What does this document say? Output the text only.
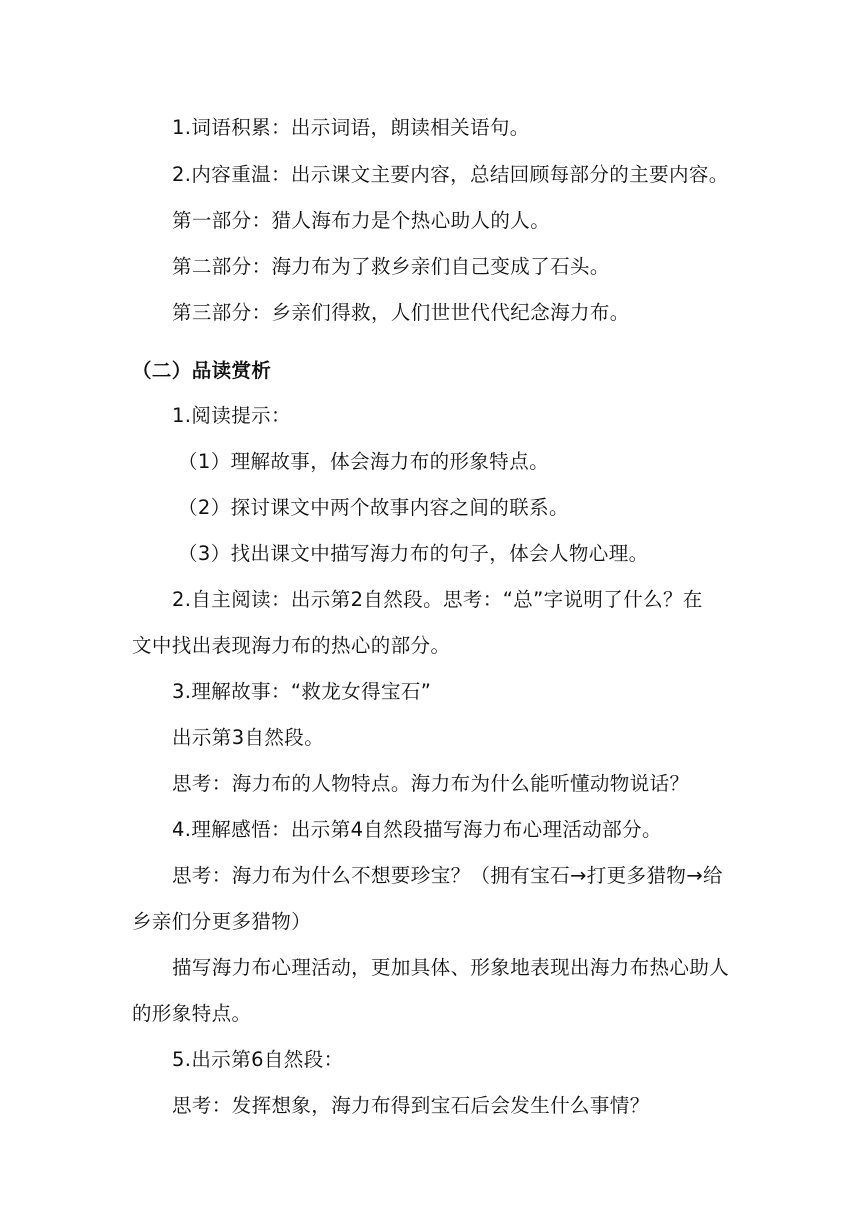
1.词语积累：出示词语，朗读相关语句。
2.内容重温：出示课文主要内容，总结回顾每部分的主要内容。
第一部分：猎人海布力是个热心助人的人。
第二部分：海力布为了救乡亲们自己变成了石头。
第三部分：乡亲们得救，人们世世代代纪念海力布。
（二）品读赏析
1.阅读提示：
（1）理解故事，体会海力布的形象特点。
（2）探讨课文中两个故事内容之间的联系。
（3）找出课文中描写海力布的句子，体会人物心理。
2.自主阅读：出示第2自然段。思考：“总”字说明了什么？在
文中找出表现海力布的热心的部分。
3.理解故事：“救龙女得宝石”
出示第3自然段。
思考：海力布的人物特点。海力布为什么能听懂动物说话？
4.理解感悟：出示第4自然段描写海力布心理活动部分。
思考：海力布为什么不想要珍宝？（拥有宝石→打更多猎物→给
乡亲们分更多猎物）
描写海力布心理活动，更加具体、形象地表现出海力布热心助人
的形象特点。
5.出示第6自然段：
思考：发挥想象，海力布得到宝石后会发生什么事情？
